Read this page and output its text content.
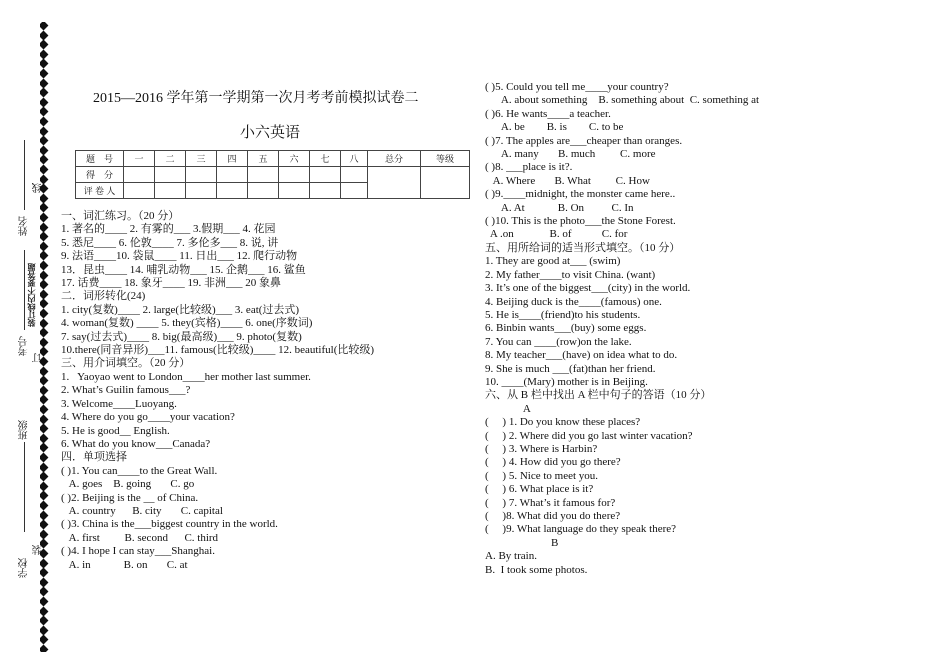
姓名
考号
班级
学校
线
订
装
装订线内不要答题
2015—2016 学年第一学期第一次月考考前模拟试卷二
小六英语
题　号	一	二	三	四	五	六	七	八	总分	等级
得　分										
评 卷 人										
一、词汇练习。（20 分）
1. 著名的____ 2. 有雾的___ 3.假期___ 4. 花园
5. 悉尼____ 6. 伦敦____ 7. 多伦多___ 8. 说, 讲
9. 法语____10. 袋鼠____ 11. 日出___ 12. 爬行动物
13．昆虫____ 14. 哺乳动物___ 15. 企鹅___ 16. 鲨鱼
17. 话费____ 18. 象牙____ 19. 非洲___ 20 象鼻
二．词形转化(24)
1. city(复数)____ 2. large(比较级)___ 3. eat(过去式)
4. woman(复数) ____ 5. they(宾格)____ 6. one(序数词)
7. say(过去式)____ 8. big(最高级)___ 9. photo(复数)
10.there(同音异形)___11. famous(比较级)____ 12. beautiful(比较级)
三、用介词填空。（20 分）
1.   Yaoyao went to London____her mother last summer.
2. What’s Guilin famous___?
3. Welcome____Luoyang.
4. Where do you go____your vacation?
5. He is good__ English.
6. What do you know___Canada?
四．单项选择
( )1. You can____to the Great Wall.
A. goes    B. going       C. go
( )2. Beijing is the __ of China.
A. country      B. city       C. capital
( )3. China is the___biggest country in the world.
A. first         B. second      C. third
( )4. I hope I can stay___Shanghai.
A. in            B. on       C. at
( )5. Could you tell me____your country?
A. about something    B. something about  C. something at
( )6. He wants____a teacher.
A. be        B. is        C. to be
( )7. The apples are___cheaper than oranges.
A. many       B. much         C. more
( )8. ___place is it?.
A. Where       B. What         C. How
( )9.____midnight, the monster came here..
A. At            B. On          C. In
( )10. This is the photo___the Stone Forest.
A .on             B. of           C. for
五、用所给词的适当形式填空。（10 分）
1. They are good at___ (swim)
2. My father____to visit China. (want)
3. It’s one of the biggest___(city) in the world.
4. Beijing duck is the____(famous) one.
5. He is____(friend)to his students.
6. Binbin wants___(buy) some eggs.
7. You can ____(row)on the lake.
8. My teacher___(have) on idea what to do.
9. She is much ___(fat)than her friend.
10. ____(Mary) mother is in Beijing.
六、从 B 栏中找出 A 栏中句子的答语（10 分）
A
(     ) 1. Do you know these places?
(     ) 2. Where did you go last winter vacation?
(     ) 3. Where is Harbin?
(     ) 4. How did you go there?
(     ) 5. Nice to meet you.
(     ) 6. What place is it?
(     ) 7. What’s it famous for?
(     )8. What did you do there?
(     )9. What language do they speak there?
B
A. By train.
B.  I took some photos.
